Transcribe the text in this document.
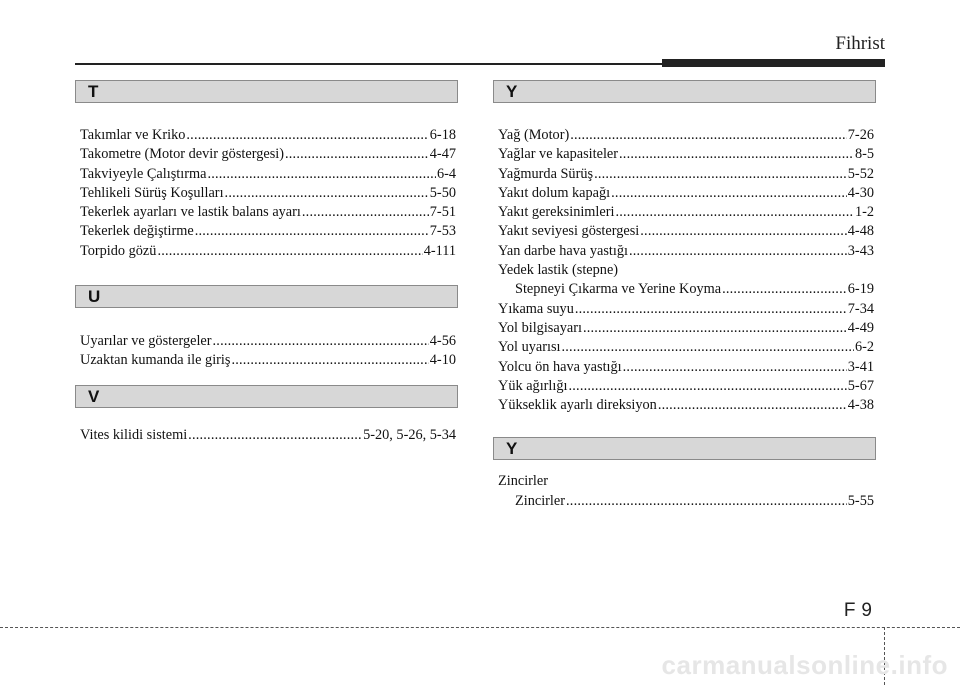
Fihrist
T
Takımlar ve Kriko .....	6-18
Takometre (Motor devir göstergesi) .....	4-47
Takviyeyle Çalıştırma .....	6-4
Tehlikeli Sürüş Koşulları .....	5-50
Tekerlek ayarları ve lastik balans ayarı .....	7-51
Tekerlek değiştirme .....	7-53
Torpido gözü .....	4-111
U
Uyarılar ve göstergeler .....	4-56
Uzaktan kumanda ile giriş .....	4-10
V
Vites kilidi sistemi .....	5-20, 5-26, 5-34
Y
Yağ (Motor) .....	7-26
Yağlar ve kapasiteler .....	8-5
Yağmurda Sürüş .....	5-52
Yakıt dolum kapağı .....	4-30
Yakıt gereksinimleri .....	1-2
Yakıt seviyesi göstergesi .....	4-48
Yan darbe hava yastığı .....	3-43
Yedek lastik (stepne)
Stepneyi Çıkarma ve Yerine Koyma .....	6-19
Yıkama suyu .....	7-34
Yol bilgisayarı .....	4-49
Yol uyarısı .....	6-2
Yolcu ön hava yastığı .....	3-41
Yük ağırlığı .....	5-67
Yükseklik ayarlı direksiyon .....	4-38
Y
Zincirler
Zincirler .....	5-55
F 9
carmanualsonline.info
